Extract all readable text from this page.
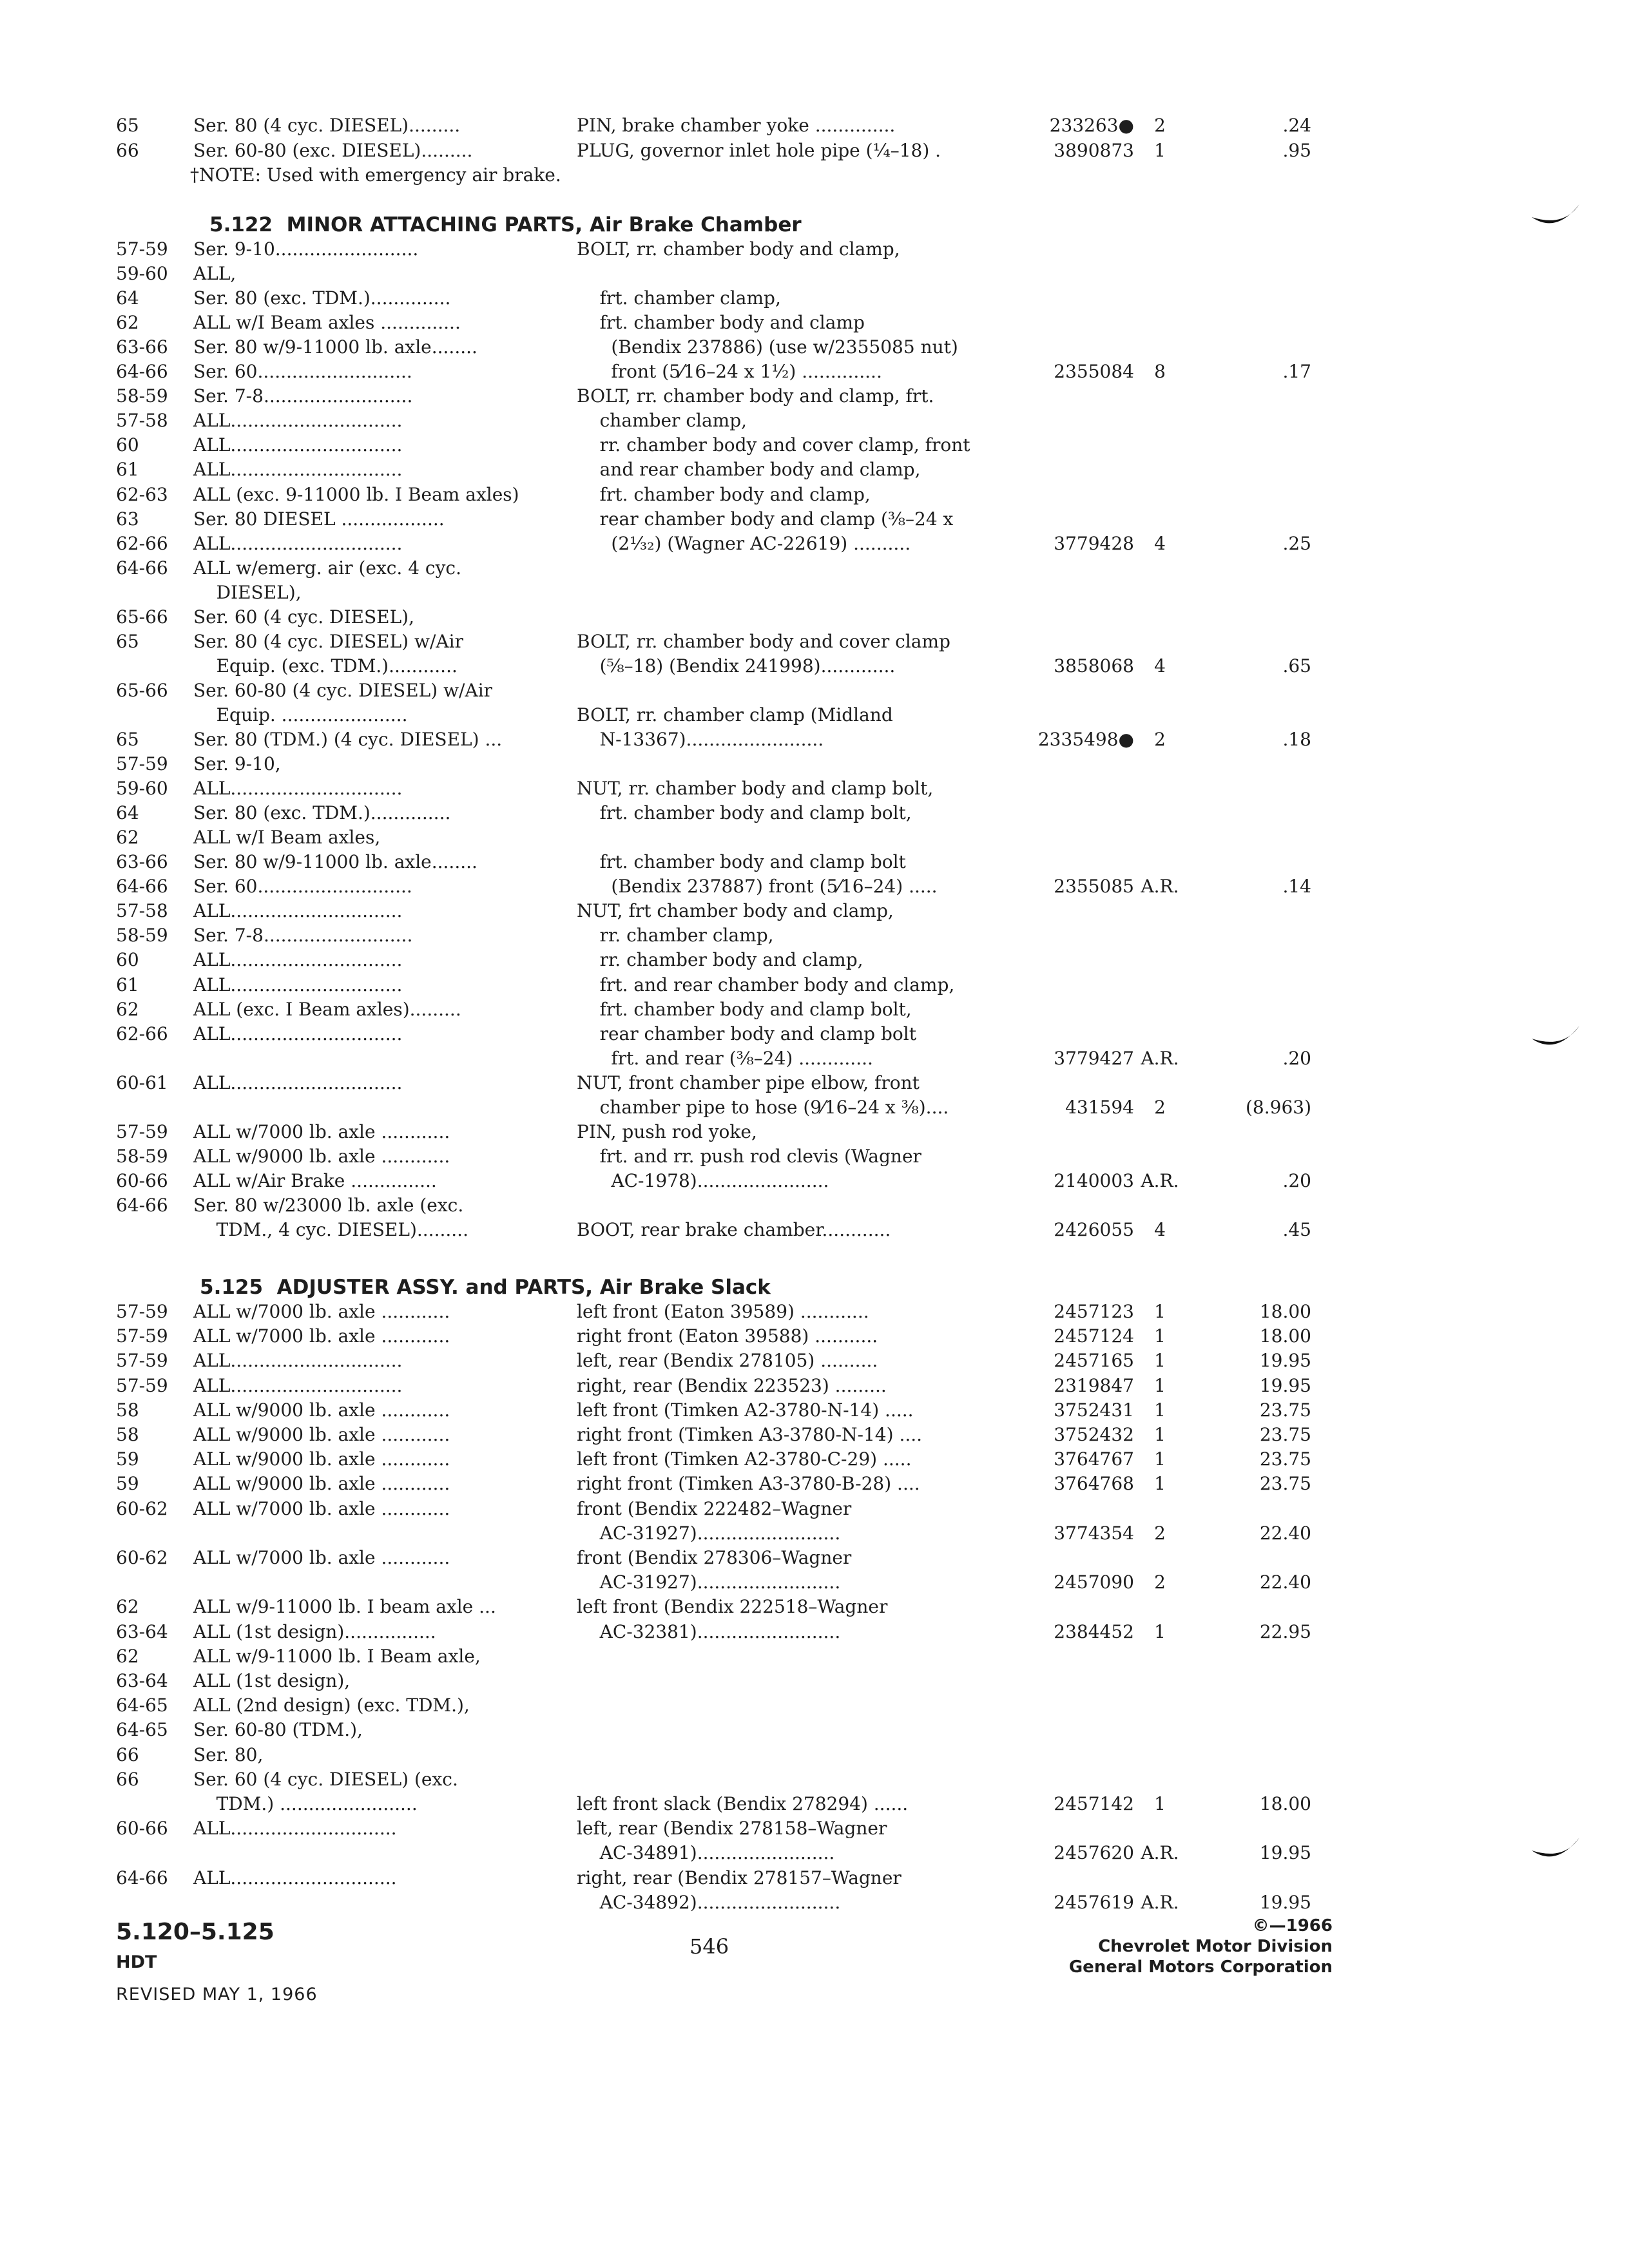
65	Ser. 80 (4 cyc. DIESEL).........	PIN, brake chamber yoke ..............	233263●	2	.24
66	Ser. 60-80 (exc. DIESEL).........	PLUG, governor inlet hole pipe (¼–18) .	3890873	1	.95
†NOTE: Used with emergency air brake.
5.122  MINOR ATTACHING PARTS, Air Brake Chamber
57-59 Ser. 9-10.........................	BOLT, rr. chamber body and clamp,
59-60 ALL,
64	Ser. 80 (exc. TDM.)..............	frt. chamber clamp,
62	ALL w/I Beam axles ..............	frt. chamber body and clamp
63-66 Ser. 80 w/9-11000 lb. axle........	(Bendix 237886) (use w/2355085 nut)
64-66 Ser. 60...........................	front (5⁄16–24 x 1½) ..............	2355084	8	.17
58-59 Ser. 7-8..........................	BOLT, rr. chamber body and clamp, frt.
57-58 ALL..............................	chamber clamp,
60	ALL..............................	rr. chamber body and cover clamp, front
61	ALL..............................	and rear chamber body and clamp,
62-63 ALL (exc. 9-11000 lb. I Beam axles)	frt. chamber body and clamp,
63	Ser. 80 DIESEL ..................	rear chamber body and clamp (⅜–24 x
62-66 ALL..............................	(2¹⁄₃₂) (Wagner AC-22619) ..........	3779428	4	.25
64-66 ALL w/emerg. air (exc. 4 cyc.
DIESEL),
65-66 Ser. 60 (4 cyc. DIESEL),
65	Ser. 80 (4 cyc. DIESEL) w/Air	BOLT, rr. chamber body and cover clamp
Equip. (exc. TDM.)............	(⅝–18) (Bendix 241998).............	3858068	4	.65
65-66 Ser. 60-80 (4 cyc. DIESEL) w/Air
Equip. ......................	BOLT, rr. chamber clamp (Midland
65	Ser. 80 (TDM.) (4 cyc. DIESEL) ...	N-13367)........................	2335498●	2	.18
57-59 Ser. 9-10,
59-60 ALL..............................	NUT, rr. chamber body and clamp bolt,
64	Ser. 80 (exc. TDM.)..............	frt. chamber body and clamp bolt,
62	ALL w/I Beam axles,
63-66 Ser. 80 w/9-11000 lb. axle........	frt. chamber body and clamp bolt
64-66 Ser. 60...........................	(Bendix 237887) front (5⁄16–24) .....	2355085 A.R.	.14
57-58 ALL..............................	NUT, frt chamber body and clamp,
58-59 Ser. 7-8..........................	rr. chamber clamp,
60	ALL..............................	rr. chamber body and clamp,
61	ALL..............................	frt. and rear chamber body and clamp,
62	ALL (exc. I Beam axles).........	frt. chamber body and clamp bolt,
62-66 ALL..............................	rear chamber body and clamp bolt
frt. and rear (⅜–24) .............	3779427 A.R.	.20
60-61 ALL..............................	NUT, front chamber pipe elbow, front
chamber pipe to hose (9⁄16–24 x ⅜)....	431594	2	(8.963)
57-59 ALL w/7000 lb. axle ............	PIN, push rod yoke,
58-59 ALL w/9000 lb. axle ............	frt. and rr. push rod clevis (Wagner
60-66 ALL w/Air Brake ...............	AC-1978).......................	2140003 A.R.	.20
64-66 Ser. 80 w/23000 lb. axle (exc.
TDM., 4 cyc. DIESEL).........	BOOT, rear brake chamber............	2426055	4	.45
5.125  ADJUSTER ASSY. and PARTS, Air Brake Slack
57-59 ALL w/7000 lb. axle ............	left front (Eaton 39589) ............	2457123	1	18.00
57-59 ALL w/7000 lb. axle ............	right front (Eaton 39588) ...........	2457124	1	18.00
57-59 ALL..............................	left, rear (Bendix 278105) ..........	2457165	1	19.95
57-59 ALL..............................	right, rear (Bendix 223523) .........	2319847	1	19.95
58	ALL w/9000 lb. axle ............	left front (Timken A2-3780-N-14) .....	3752431	1	23.75
58	ALL w/9000 lb. axle ............	right front (Timken A3-3780-N-14) ....	3752432	1	23.75
59	ALL w/9000 lb. axle ............	left front (Timken A2-3780-C-29) .....	3764767	1	23.75
59	ALL w/9000 lb. axle ............	right front (Timken A3-3780-B-28) ....	3764768	1	23.75
60-62 ALL w/7000 lb. axle ............	front (Bendix 222482–Wagner
AC-31927).........................	3774354	2	22.40
60-62 ALL w/7000 lb. axle ............	front (Bendix 278306–Wagner
AC-31927).........................	2457090	2	22.40
62	ALL w/9-11000 lb. I beam axle ...	left front (Bendix 222518–Wagner
63-64 ALL (1st design)................	AC-32381).........................	2384452	1	22.95
62	ALL w/9-11000 lb. I Beam axle,
63-64 ALL (1st design),
64-65 ALL (2nd design) (exc. TDM.),
64-65 Ser. 60-80 (TDM.),
66	Ser. 80,
66	Ser. 60 (4 cyc. DIESEL) (exc.
TDM.) ........................	left front slack (Bendix 278294) ......	2457142	1	18.00
60-66 ALL.............................	left, rear (Bendix 278158–Wagner
AC-34891)........................	2457620 A.R.	19.95
64-66 ALL.............................	right, rear (Bendix 278157–Wagner
AC-34892).........................	2457619 A.R.	19.95
5.120–5.125
HDT
REVISED MAY 1, 1966
546
©—1966
Chevrolet Motor Division
General Motors Corporation
